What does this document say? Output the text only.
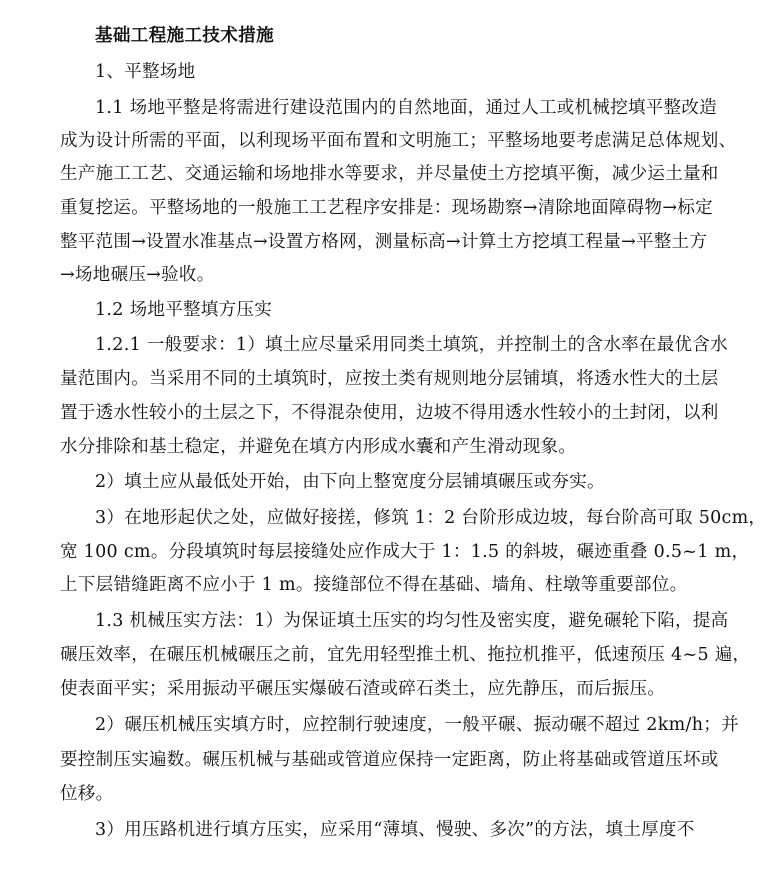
基础工程施工技术措施
1、平整场地
1.1 场地平整是将需进行建设范围内的自然地面，通过人工或机械挖填平整改造
成为设计所需的平面，以利现场平面布置和文明施工；平整场地要考虑满足总体规划、
生产施工工艺、交通运输和场地排水等要求，并尽量使土方挖填平衡，减少运土量和
重复挖运。平整场地的一般施工工艺程序安排是：现场勘察→清除地面障碍物→标定
整平范围→设置水准基点→设置方格网，测量标高→计算土方挖填工程量→平整土方
→场地碾压→验收。
1.2 场地平整填方压实
1.2.1 一般要求：1）填土应尽量采用同类土填筑，并控制土的含水率在最优含水
量范围内。当采用不同的土填筑时，应按土类有规则地分层铺填，将透水性大的土层
置于透水性较小的土层之下，不得混杂使用，边坡不得用透水性较小的土封闭，以利
水分排除和基土稳定，并避免在填方内形成水囊和产生滑动现象。
2）填土应从最低处开始，由下向上整宽度分层铺填碾压或夯实。
3）在地形起伏之处，应做好接搓，修筑 1：2 台阶形成边坡，每台阶高可取 50cm，
宽 100 cm。分段填筑时每层接缝处应作成大于 1：1.5 的斜坡，碾迹重叠 0.5~1 m，
上下层错缝距离不应小于 1 m。接缝部位不得在基础、墙角、柱墩等重要部位。
1.3 机械压实方法：1）为保证填土压实的均匀性及密实度，避免碾轮下陷，提高
碾压效率，在碾压机械碾压之前，宜先用轻型推土机、拖拉机推平，低速预压 4~5 遍，
使表面平实；采用振动平碾压实爆破石渣或碎石类土，应先静压，而后振压。
2）碾压机械压实填方时，应控制行驶速度，一般平碾、振动碾不超过 2km/h；并
要控制压实遍数。碾压机械与基础或管道应保持一定距离，防止将基础或管道压坏或
位移。
3）用压路机进行填方压实，应采用“薄填、慢驶、多次”的方法，填土厚度不
